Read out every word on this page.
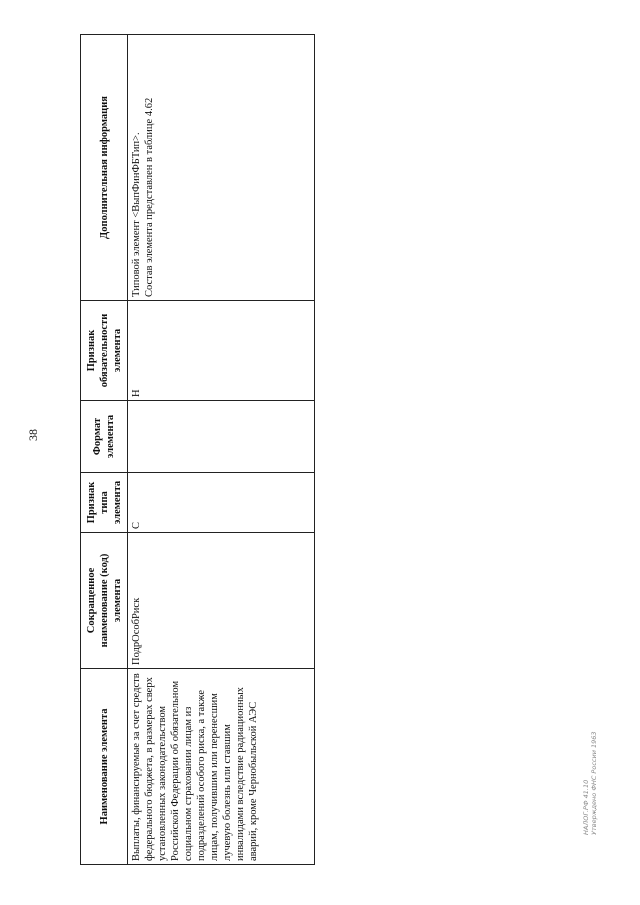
38
Наименование элемента	Сокращенное наименование (код) элемента	Признак типа элемента	Формат элемента	Признак обязательности элемента	Дополнительная информация
Выплаты, финансируемые за счет средств федерального бюджета, в размерах сверх установленных законодательством Российской Федерации об обязательном социальном страховании лицам из подразделений особого риска, а также лицам, получившим или перенесшим лучевую болезнь или ставшим инвалидами вследствие радиационных аварий, кроме Чернобыльской АЭС	ПодрОсобРиск	С		Н	Типовой элемент <ВыпФинФБТип>. Состав элемента представлен в таблице 4.62
НАЛОГ.РФ 41.10 Утверждено ФНС России 1963
